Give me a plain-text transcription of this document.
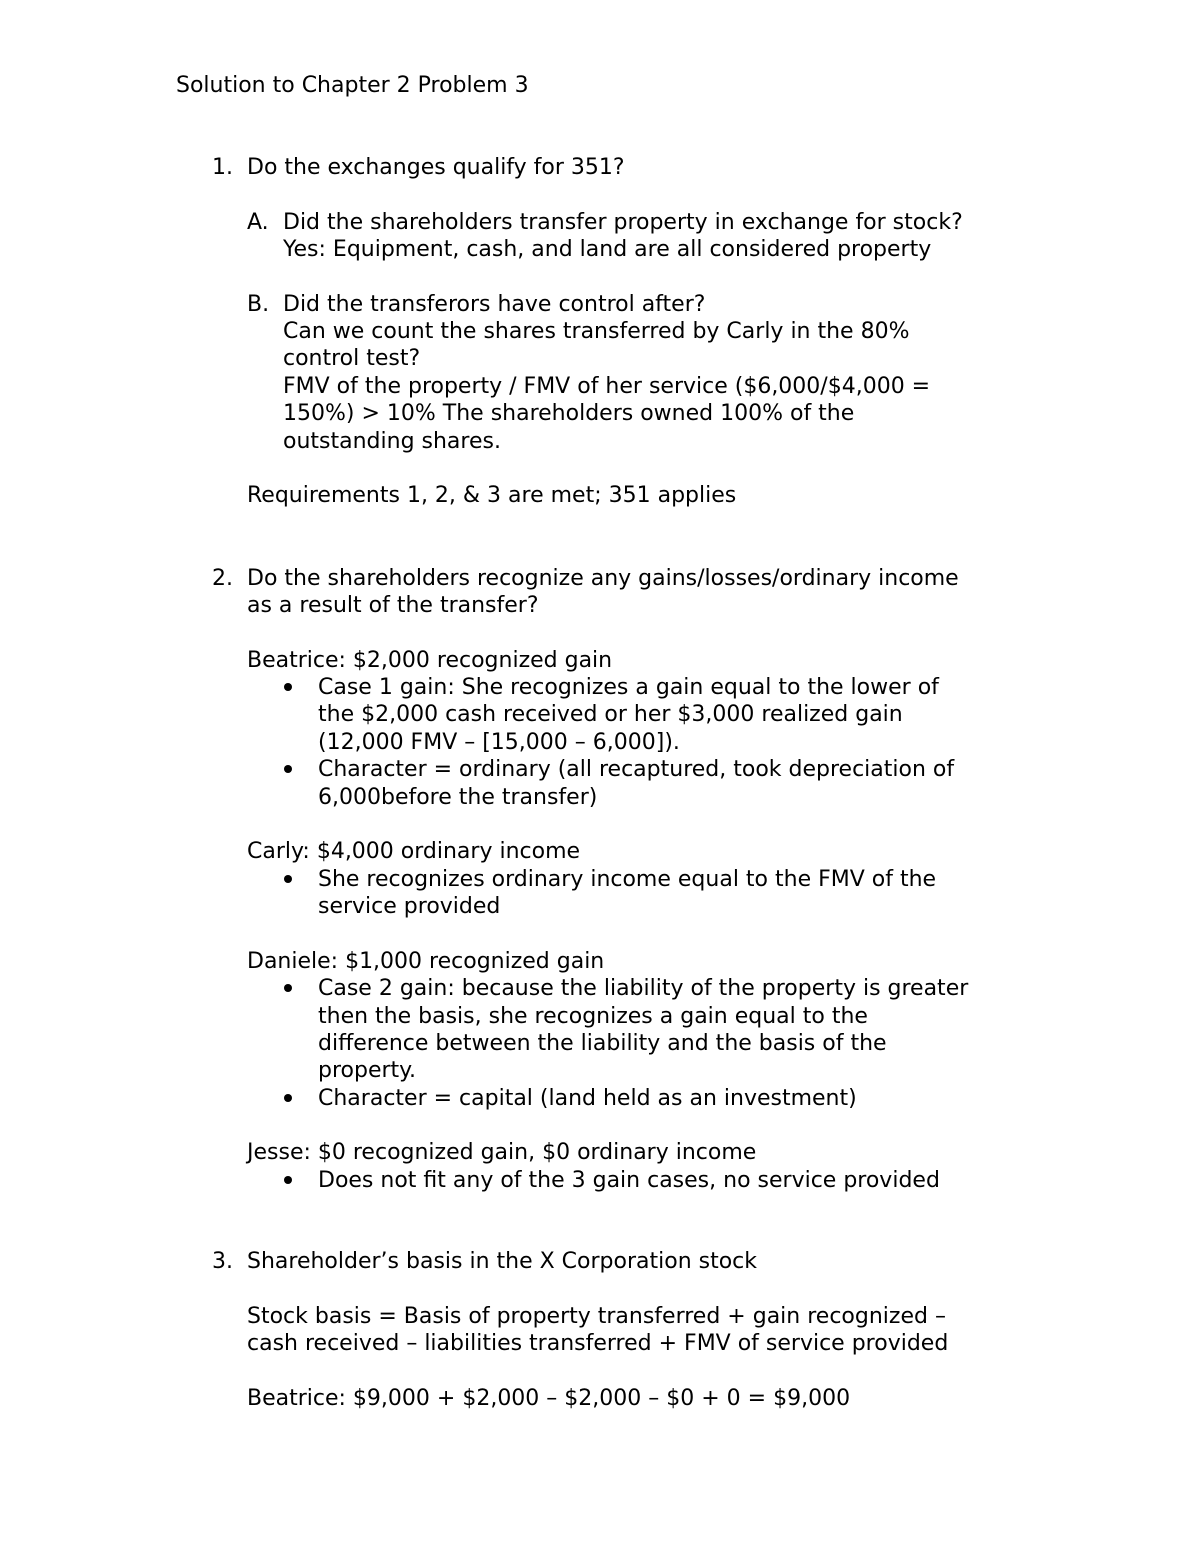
Solution to Chapter 2 Problem 3
1. Do the exchanges qualify for 351?
A. Did the shareholders transfer property in exchange for stock?
Yes: Equipment, cash, and land are all considered property
B. Did the transferors have control after?
Can we count the shares transferred by Carly in the 80%
control test?
FMV of the property / FMV of her service ($6,000/$4,000 =
150%) > 10% The shareholders owned 100% of the
outstanding shares.
Requirements 1, 2, & 3 are met; 351 applies
2. Do the shareholders recognize any gains/losses/ordinary income
as a result of the transfer?
Beatrice: $2,000 recognized gain
Case 1 gain: She recognizes a gain equal to the lower of
the $2,000 cash received or her $3,000 realized gain
(12,000 FMV – [15,000 – 6,000]).
Character = ordinary (all recaptured, took depreciation of
6,000before the transfer)
Carly: $4,000 ordinary income
She recognizes ordinary income equal to the FMV of the
service provided
Daniele: $1,000 recognized gain
Case 2 gain: because the liability of the property is greater
then the basis, she recognizes a gain equal to the
difference between the liability and the basis of the
property.
Character = capital (land held as an investment)
Jesse: $0 recognized gain, $0 ordinary income
Does not fit any of the 3 gain cases, no service provided
3. Shareholder’s basis in the X Corporation stock
Stock basis = Basis of property transferred + gain recognized –
cash received – liabilities transferred + FMV of service provided
Beatrice: $9,000 + $2,000 – $2,000 – $0 + 0 = $9,000
